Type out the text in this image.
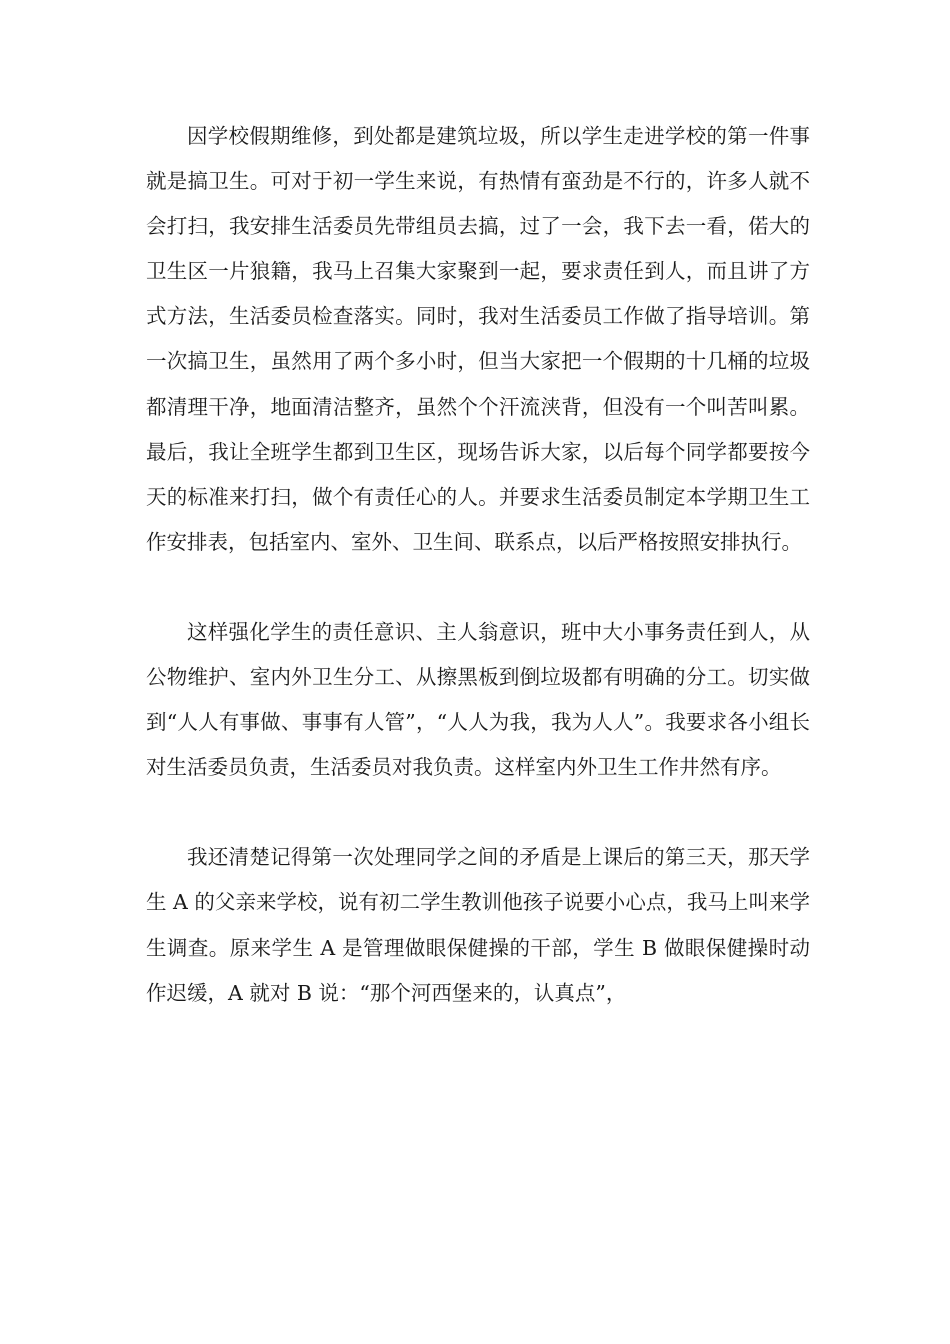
因学校假期维修，到处都是建筑垃圾，所以学生走进学校的第一件事就是搞卫生。可对于初一学生来说，有热情有蛮劲是不行的，许多人就不会打扫，我安排生活委员先带组员去搞，过了一会，我下去一看，偌大的卫生区一片狼籍，我马上召集大家聚到一起，要求责任到人，而且讲了方式方法，生活委员检查落实。同时，我对生活委员工作做了指导培训。第一次搞卫生，虽然用了两个多小时，但当大家把一个假期的十几桶的垃圾都清理干净，地面清洁整齐，虽然个个汗流浃背，但没有一个叫苦叫累。最后，我让全班学生都到卫生区，现场告诉大家，以后每个同学都要按今天的标准来打扫，做个有责任心的人。并要求生活委员制定本学期卫生工作安排表，包括室内、室外、卫生间、联系点，以后严格按照安排执行。

这样强化学生的责任意识、主人翁意识，班中大小事务责任到人，从公物维护、室内外卫生分工、从擦黑板到倒垃圾都有明确的分工。切实做到“人人有事做、事事有人管”，“人人为我，我为人人”。我要求各小组长对生活委员负责，生活委员对我负责。这样室内外卫生工作井然有序。

我还清楚记得第一次处理同学之间的矛盾是上课后的第三天，那天学生 A 的父亲来学校，说有初二学生教训他孩子说要小心点，我马上叫来学生调查。原来学生 A 是管理做眼保健操的干部，学生 B 做眼保健操时动作迟缓，A 就对 B 说：“那个河西堡来的，认真点”，
